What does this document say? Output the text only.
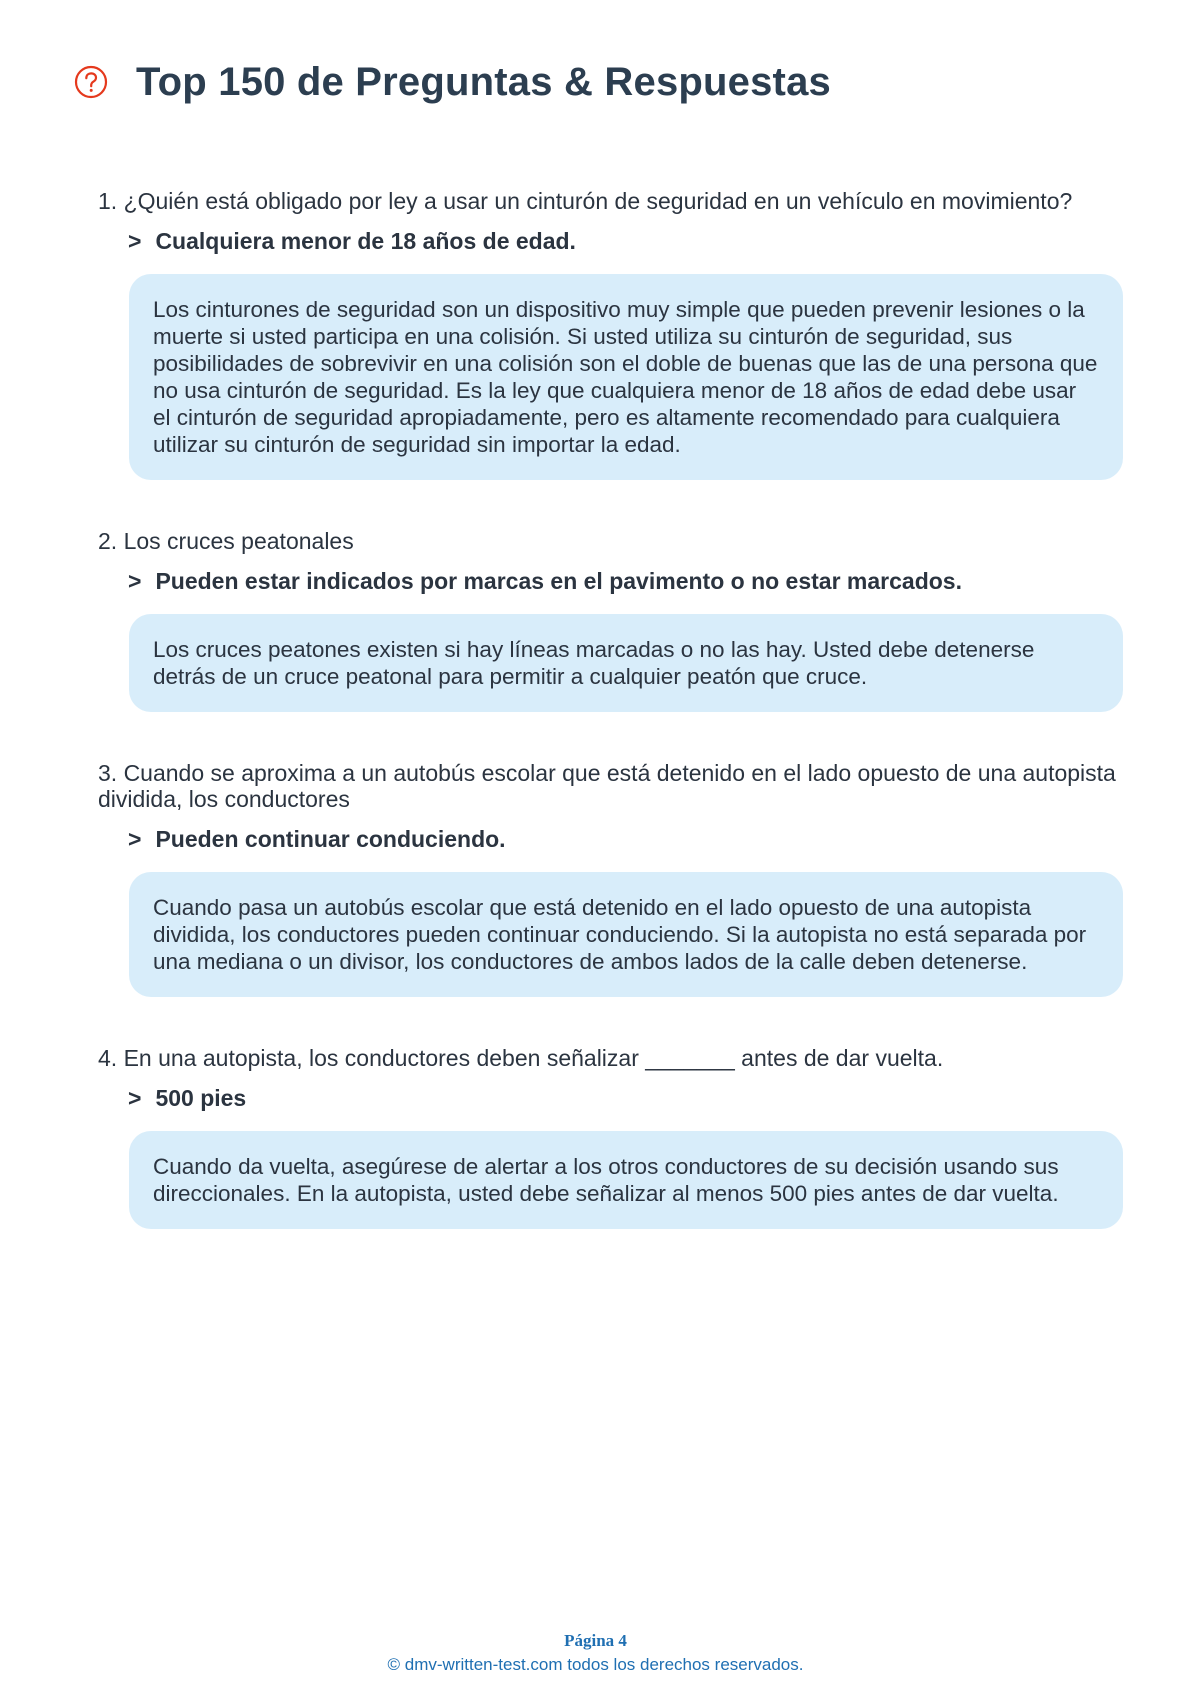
Top 150 de Preguntas & Respuestas
1. ¿Quién está obligado por ley a usar un cinturón de seguridad en un vehículo en movimiento?
> Cualquiera menor de 18 años de edad.
Los cinturones de seguridad son un dispositivo muy simple que pueden prevenir lesiones o la muerte si usted participa en una colisión. Si usted utiliza su cinturón de seguridad, sus posibilidades de sobrevivir en una colisión son el doble de buenas que las de una persona que no usa cinturón de seguridad. Es la ley que cualquiera menor de 18 años de edad debe usar el cinturón de seguridad apropiadamente, pero es altamente recomendado para cualquiera utilizar su cinturón de seguridad sin importar la edad.
2. Los cruces peatonales
> Pueden estar indicados por marcas en el pavimento o no estar marcados.
Los cruces peatones existen si hay líneas marcadas o no las hay. Usted debe detenerse detrás de un cruce peatonal para permitir a cualquier peatón que cruce.
3. Cuando se aproxima a un autobús escolar que está detenido en el lado opuesto de una autopista dividida, los conductores
> Pueden continuar conduciendo.
Cuando pasa un autobús escolar que está detenido en el lado opuesto de una autopista dividida, los conductores pueden continuar conduciendo. Si la autopista no está separada por una mediana o un divisor, los conductores de ambos lados de la calle deben detenerse.
4. En una autopista, los conductores deben señalizar _______ antes de dar vuelta.
> 500 pies
Cuando da vuelta, asegúrese de alertar a los otros conductores de su decisión usando sus direccionales. En la autopista, usted debe señalizar al menos 500 pies antes de dar vuelta.
Página 4
© dmv-written-test.com todos los derechos reservados.
